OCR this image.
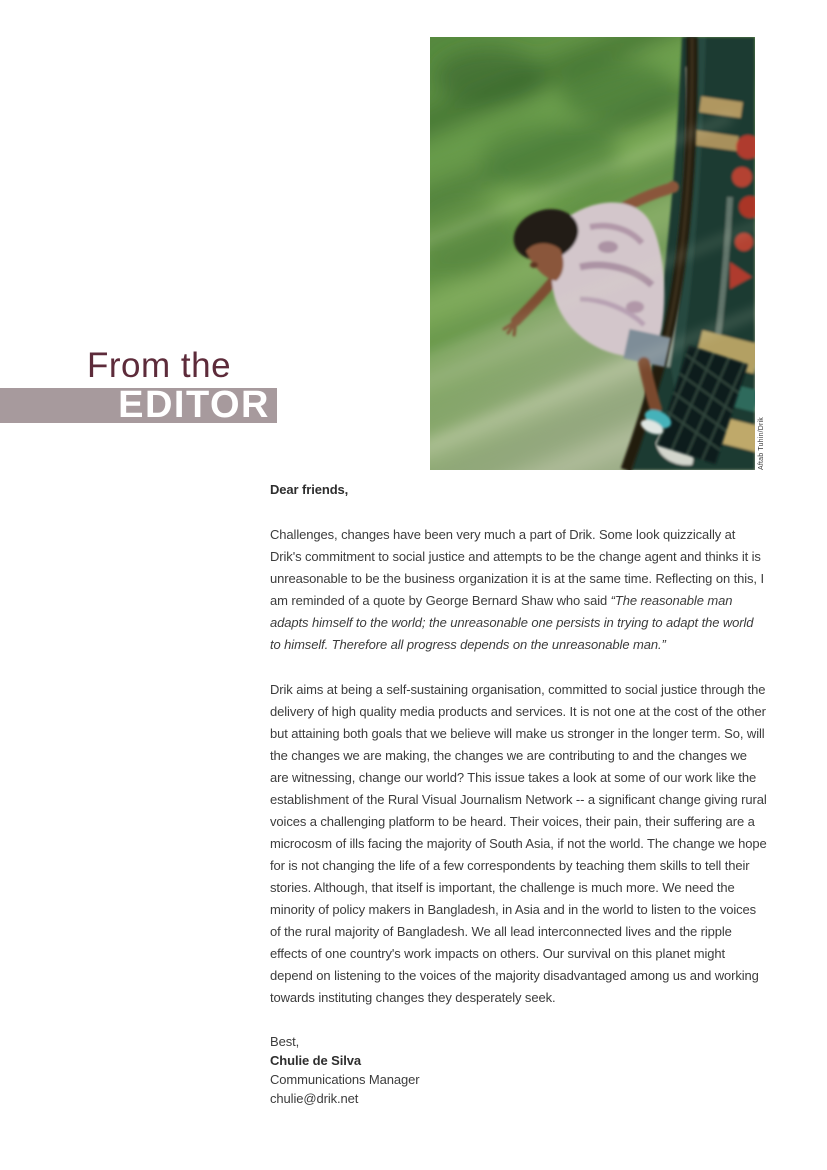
Aftab Tuhin/Drik
From the
EDITOR

Dear friends,

Challenges, changes have been very much a part of Drik. Some look quizzically at Drik's commitment to social justice and attempts to be the change agent and thinks it is unreasonable to be the business organization it is at the same time. Reflecting on this, I am reminded of a quote by George Bernard Shaw who said “The reasonable man adapts himself to the world; the unreasonable one persists in trying to adapt the world to himself. Therefore all progress depends on the unreasonable man.”

Drik aims at being a self-sustaining organisation, committed to social justice through the delivery of high quality media products and services. It is not one at the cost of the other but attaining both goals that we believe will make us stronger in the longer term. So, will the changes we are making, the changes we are contributing to and the changes we are witnessing, change our world? This issue takes a look at some of our work like the establishment of the Rural Visual Journalism Network -- a significant change giving rural voices a challenging platform to be heard. Their voices, their pain, their suffering are a microcosm of ills facing the majority of South Asia, if not the world. The change we hope for is not changing the life of a few correspondents by teaching them skills to tell their stories. Although, that itself is important, the challenge is much more. We need the minority of policy makers in Bangladesh, in Asia and in the world to listen to the voices of the rural majority of Bangladesh. We all lead interconnected lives and the ripple effects of one country's work impacts on others. Our survival on this planet might depend on listening to the voices of the majority disadvantaged among us and working towards instituting changes they desperately seek.

Best,
Chulie de Silva
Communications Manager
chulie@drik.net
